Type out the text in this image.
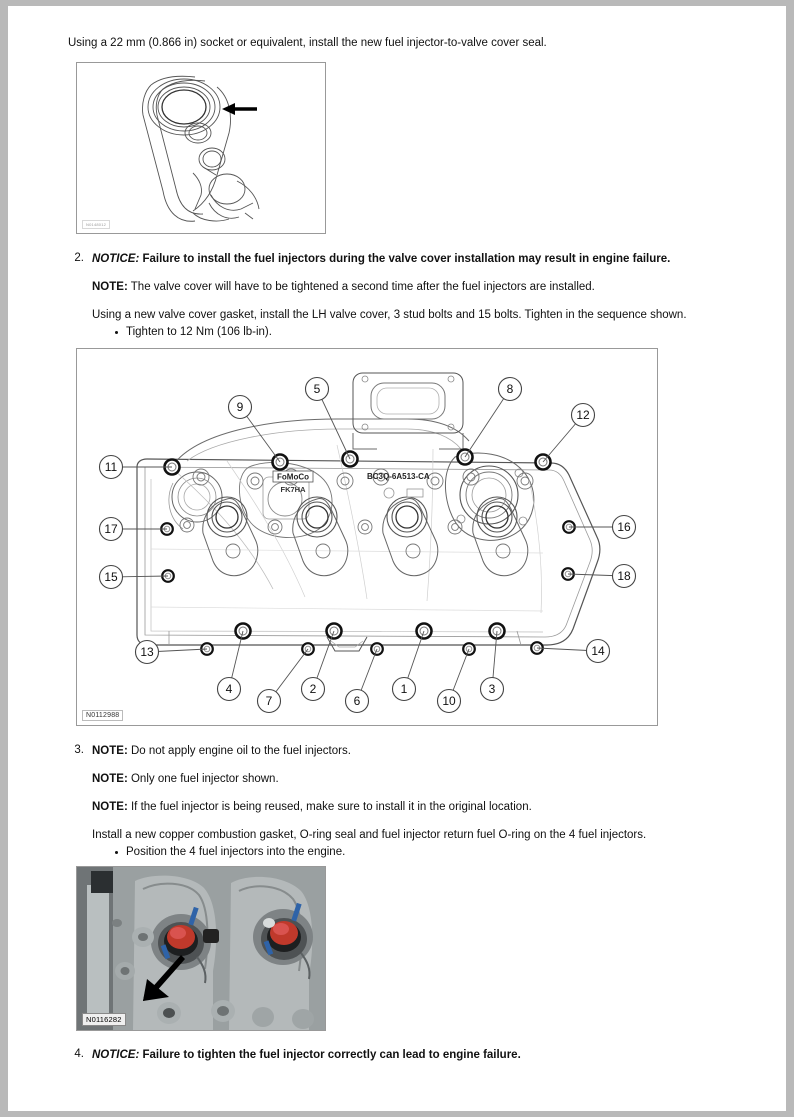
Using a 22 mm (0.866 in) socket or equivalent, install the new fuel injector-to-valve cover seal.

N0148012
2. NOTICE: Failure to install the fuel injectors during the valve cover installation may result in engine failure.

NOTE: The valve cover will have to be tightened a second time after the fuel injectors are installed.

Using a new valve cover gasket, install the LH valve cover, 3 stud bolts and 15 bolts. Tighten in the sequence shown.

Tighten to 12 Nm (106 lb-in).
FoMoCo
FK7HA
BC3Q-6A513-CA
5
9
8
12
11
17
15
13
16
18
14
4
7
2
6
1
10
3
N0112988
3. NOTE: Do not apply engine oil to the fuel injectors.

NOTE: Only one fuel injector shown.

NOTE: If the fuel injector is being reused, make sure to install it in the original location.

Install a new copper combustion gasket, O-ring seal and fuel injector return fuel O-ring on the 4 fuel injectors.

Position the 4 fuel injectors into the engine.
N0116282
4. NOTICE: Failure to tighten the fuel injector correctly can lead to engine failure.
